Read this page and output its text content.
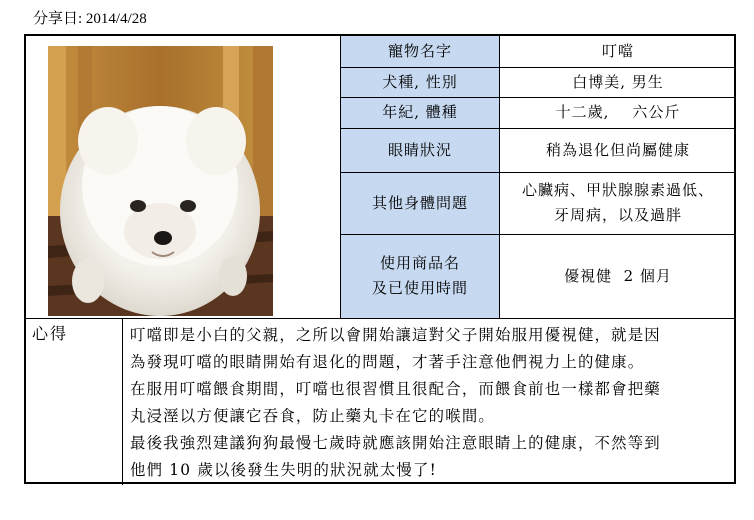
分享日: 2014/4/28
寵物名字	叮噹
犬種, 性別	白博美, 男生
年紀, 體種	十二歲,    六公斤
眼睛狀況	稍為退化但尚屬健康
其他身體問題	心臟病、甲狀腺腺素過低、
牙周病，以及過胖

使用商品名
及已使用時間	優視健  2 個月
心得	叮噹即是小白的父親，之所以會開始讓這對父子開始服用優視健，就是因

為發現叮噹的眼睛開始有退化的問題，才著手注意他們視力上的健康。

在服用叮噹餵食期間，叮噹也很習慣且很配合，而餵食前也一樣都會把藥

丸浸溼以方便讓它吞食，防止藥丸卡在它的喉間。

最後我強烈建議狗狗最慢七歲時就應該開始注意眼睛上的健康，不然等到

他們 10 歲以後發生失明的狀況就太慢了!
